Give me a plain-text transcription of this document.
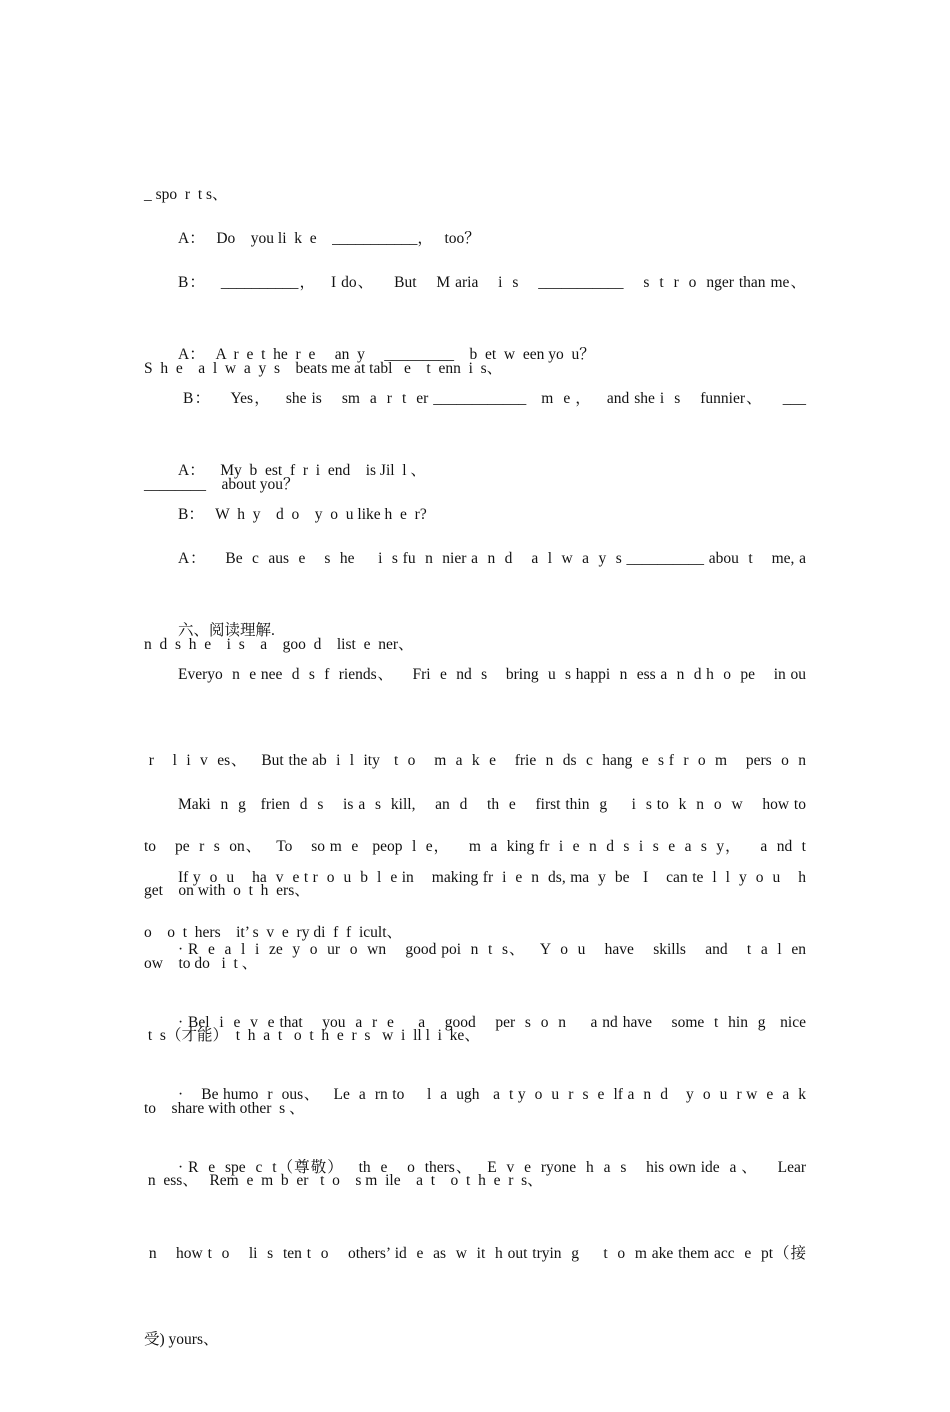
_ spo  r  t s、

A：   Do    you li  k  e    ___________，   too？

B：   __________，   I do、    But    M aria    i  s    ___________    s  t  r  o  nger than me、

S  h  e    a  l  w  a  y  s    beats me at tabl   e    t  enn  i  s、

A：   A  r  e  t  he  r  e     an  y     _________    b  et  w  een yo  u？

B：    Yes，   she is    sm  a  r  t  er ____________   m  e ，   and she i  s    funnier、    ___

________    about you？

A：    My  b  est  f  r  i  end    is Jil  l 、

B：   W  h  y    d  o    y  o  u like h  e  r?

A：    Be  c  aus  e    s  he     i  s fu  n  nier a  n  d    a  l  w  a  y  s __________ abou  t    me, a

n  d  s  h  e    i  s    a    goo  d    list  e  ner、

六、阅读理解.

Everyo  n  e nee  d  s  f  riends、    Fri  e  nd  s    bring  u  s happi  n  ess a  n  d h  o  pe    in ou

r    l  i  v  es、   But the ab  i  l  ity   t  o    m  a  k  e    frie  n  ds  c  hang  e  s f  r  o  m    pers  o  n

to    pe  r  s  on、   To    so m  e   peop  l  e，    m  a  king fr  i  e  n  d  s  i  s  e  a  s  y，    a  nd  t

o    o  t  hers    it’ s  v  e  ry di  f  f  icult、

Maki  n  g   frien  d  s    is a  s  kill,    an  d    th  e    first thin  g     i  s to  k  n  o  w    how to

get    on with  o  t  h  ers、

If y  o  u    ha  v  e t r  o  u  b  l  e in    making fr  i  e  n  ds, ma  y  be   I    can te  l  l  y  o  u    h

ow    to do   i  t 、

· R  e  a  l  i  ze  y  o  ur  o  wn    good poi  n  t  s、   Y  o  u    have    skills    and    t  a  l  en

t  s（才能）  t  h  a  t   o  t  h  e  r  s   w  i  ll l  i  ke、

· Bel  i  e  v  e that    you  a  r  e     a    good    per  s  o  n     a nd have    some  t  hin  g   nice

to    share with other  s 、

·    Be humo  r  ous、   Le  a  rn to     l  a  ugh   a  t y  o  u  r  s  e  lf a  n  d    y  o  u  r w  e  a  k

n  ess、   Rem  e  m  b  er   t  o    s m  ile    a  t    o  t  h  e  r  s、

· R  e  spe  c  t（尊敬）   th  e    o  thers、   E  v  e  ryone  h  a  s    his own ide  a 、    Lear

n    how t  o    li  s  ten t  o    others’ id  e  as  w  it  h out tryin  g     t  o  m ake them acc  e  pt（接

受) yours、
